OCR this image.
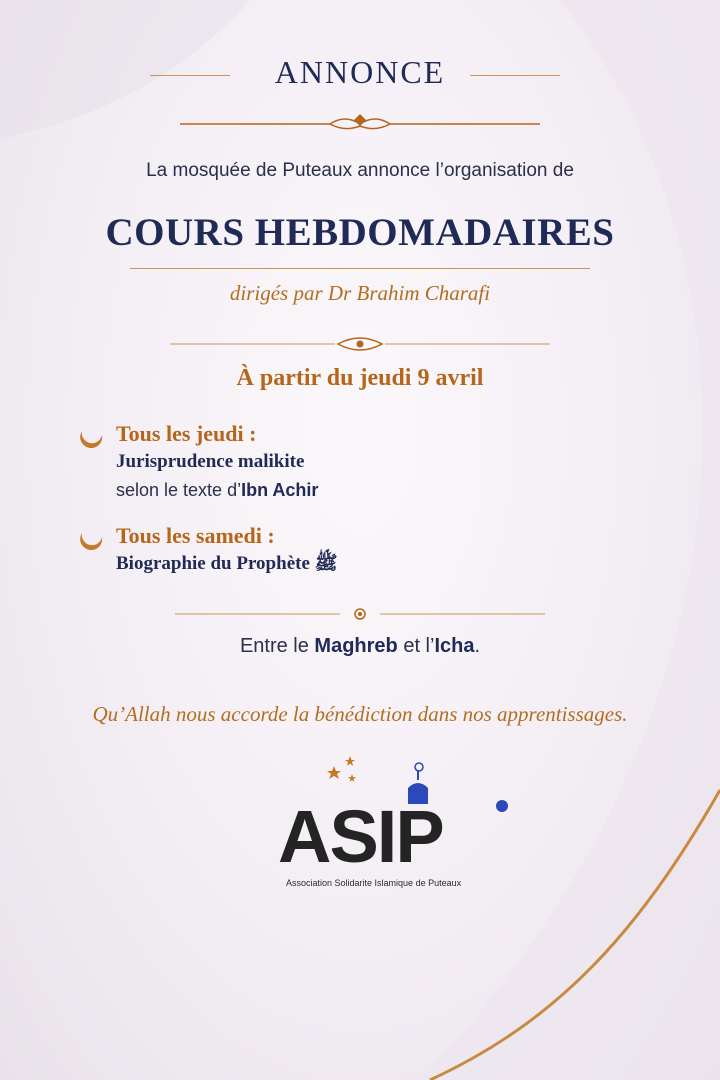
ANNONCE
La mosquée de Puteaux annonce l’organisation de
COURS HEBDOMADAIRES
dirigés par Dr Brahim Charafi
À partir du jeudi 9 avril
Tous les jeudi :
Jurisprudence malikite
selon le texte d’Ibn Achir
Tous les samedi :
Biographie du Prophète ﷺ
Entre le Maghreb et l’Icha.
Qu’Allah nous accorde la bénédiction dans nos apprentissages.
ASIP
Association Solidarite Islamique de Puteaux
